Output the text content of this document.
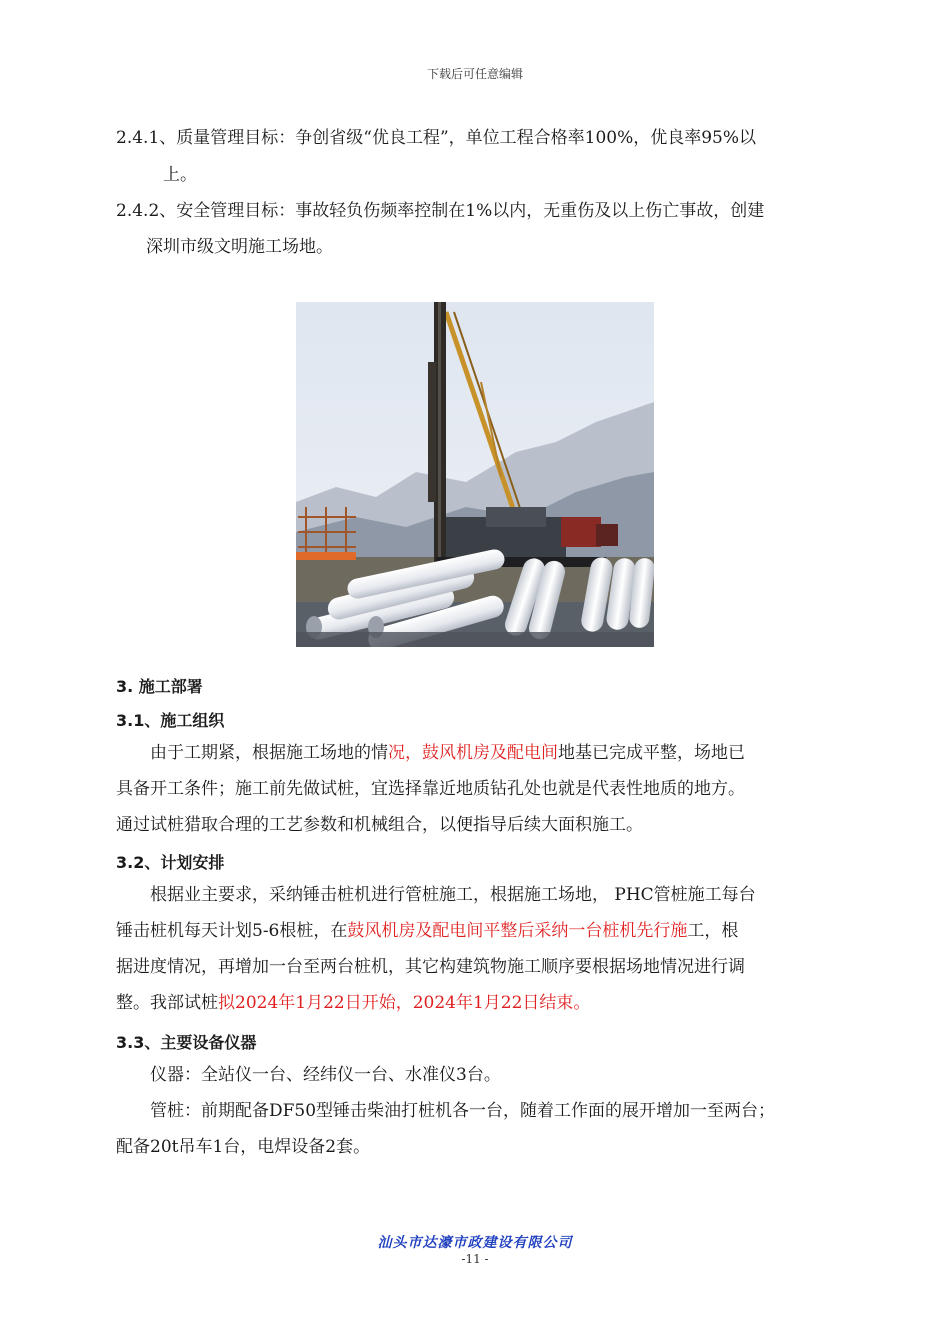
下载后可任意编辑
2.4.1、质量管理目标：争创省级“优良工程”，单位工程合格率100%，优良率95%以
上。
2.4.2、安全管理目标：事故轻负伤频率控制在1%以内，无重伤及以上伤亡事故，创建
深圳市级文明施工场地。
3. 施工部署
3.1、施工组织
由于工期紧，根据施工场地的情况，鼓风机房及配电间地基已完成平整，场地已
具备开工条件；施工前先做试桩，宜选择靠近地质钻孔处也就是代表性地质的地方。
通过试桩猎取合理的工艺参数和机械组合，以便指导后续大面积施工。
3.2、计划安排
根据业主要求，采纳锤击桩机进行管桩施工，根据施工场地， PHC管桩施工每台
锤击桩机每天计划5-6根桩，在鼓风机房及配电间平整后采纳一台桩机先行施工，根
据进度情况，再增加一台至两台桩机，其它构建筑物施工顺序要根据场地情况进行调
整。我部试桩拟2024年1月22日开始，2024年1月22日结束。
3.3、主要设备仪器
仪器：全站仪一台、经纬仪一台、水准仪3台。
管桩：前期配备DF50型锤击柴油打桩机各一台，随着工作面的展开增加一至两台；
配备20t吊车1台，电焊设备2套。
汕头市达濠市政建设有限公司
-11 -
